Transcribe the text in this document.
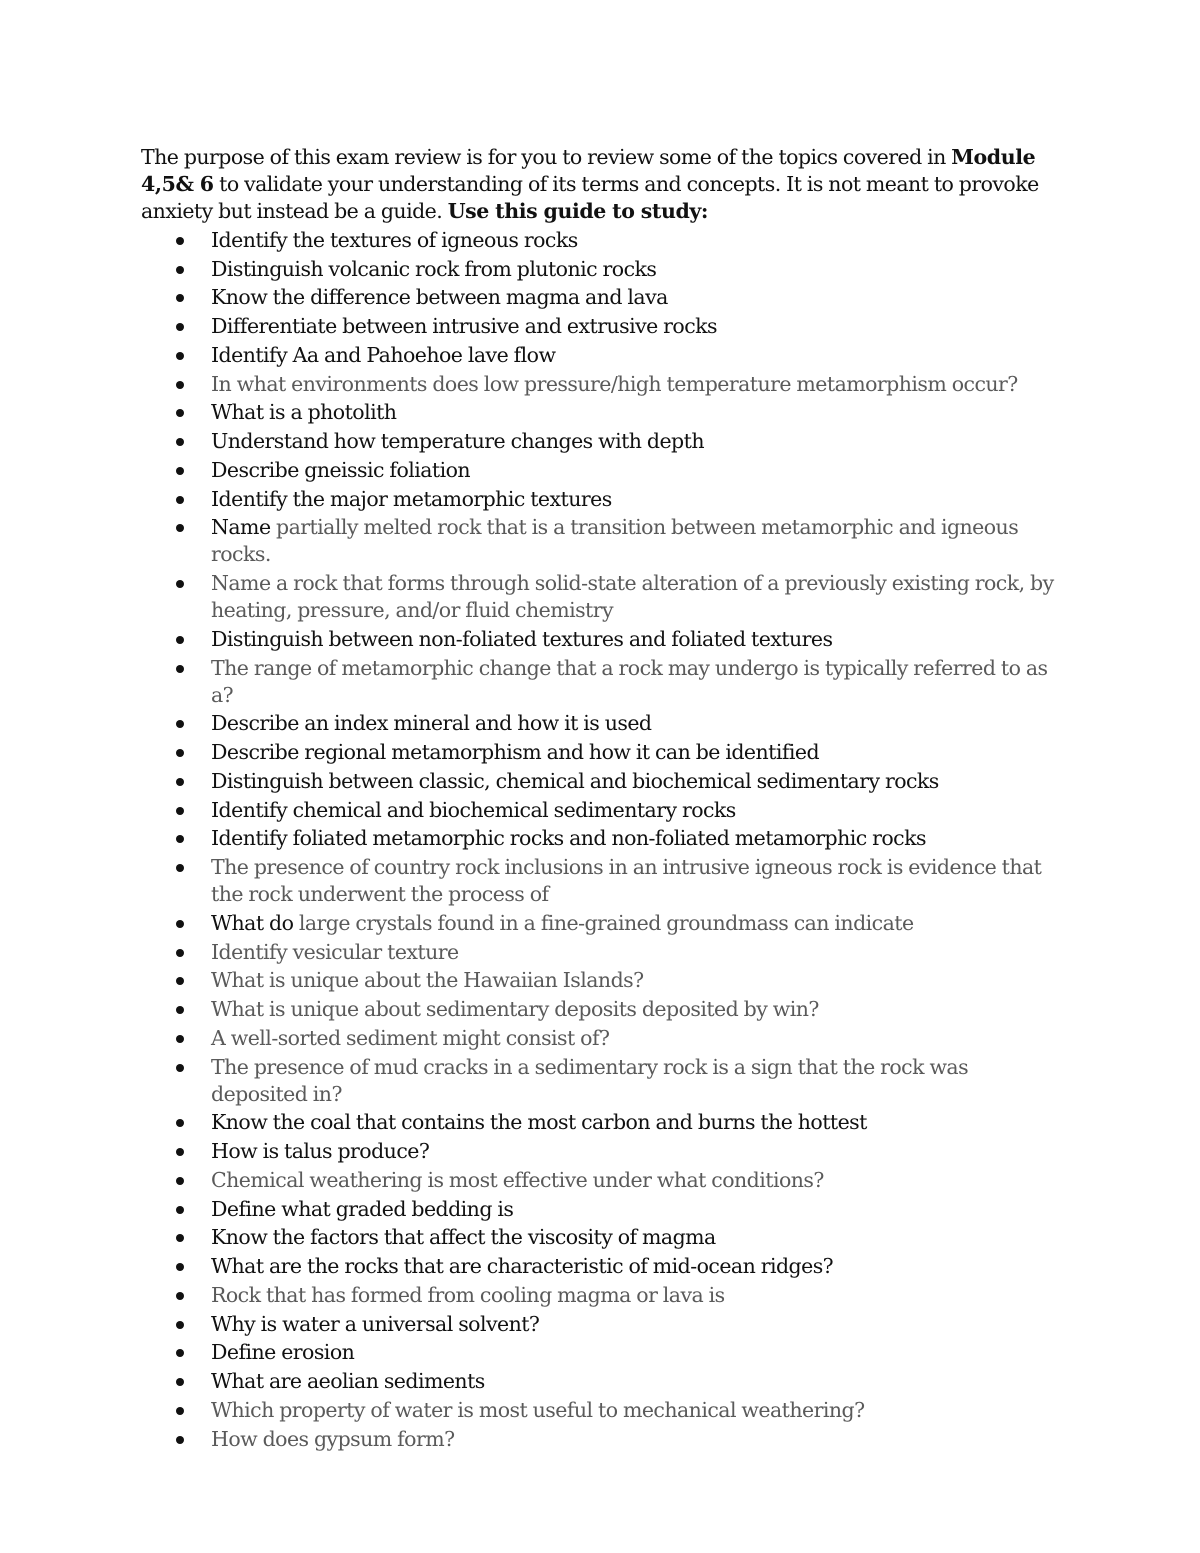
The purpose of this exam review is for you to review some of the topics covered in Module 4,5& 6 to validate your understanding of its terms and concepts. It is not meant to provoke anxiety but instead be a guide. Use this guide to study:

Identify the textures of igneous rocks
Distinguish volcanic rock from plutonic rocks
Know the difference between magma and lava
Differentiate between intrusive and extrusive rocks
Identify Aa and Pahoehoe lave flow
In what environments does low pressure/high temperature metamorphism occur?
What is a photolith
Understand how temperature changes with depth
Describe gneissic foliation
Identify the major metamorphic textures
Name partially melted rock that is a transition between metamorphic and igneous rocks.
Name a rock that forms through solid-state alteration of a previously existing rock, by heating, pressure, and/or fluid chemistry
Distinguish between non-foliated textures and foliated textures
The range of metamorphic change that a rock may undergo is typically referred to as a?
Describe an index mineral and how it is used
Describe regional metamorphism and how it can be identified
Distinguish between classic, chemical and biochemical sedimentary rocks
Identify chemical and biochemical sedimentary rocks
Identify foliated metamorphic rocks and non-foliated metamorphic rocks
The presence of country rock inclusions in an intrusive igneous rock is evidence that the rock underwent the process of
What do large crystals found in a fine-grained groundmass can indicate
Identify vesicular texture
What is unique about the Hawaiian Islands?
What is unique about sedimentary deposits deposited by win?
A well-sorted sediment might consist of?
The presence of mud cracks in a sedimentary rock is a sign that the rock was deposited in?
Know the coal that contains the most carbon and burns the hottest
How is talus produce?
Chemical weathering is most effective under what conditions?
Define what graded bedding is
Know the factors that affect the viscosity of magma
What are the rocks that are characteristic of mid-ocean ridges?
Rock that has formed from cooling magma or lava is
Why is water a universal solvent?
Define erosion
What are aeolian sediments
Which property of water is most useful to mechanical weathering?
How does gypsum form?
